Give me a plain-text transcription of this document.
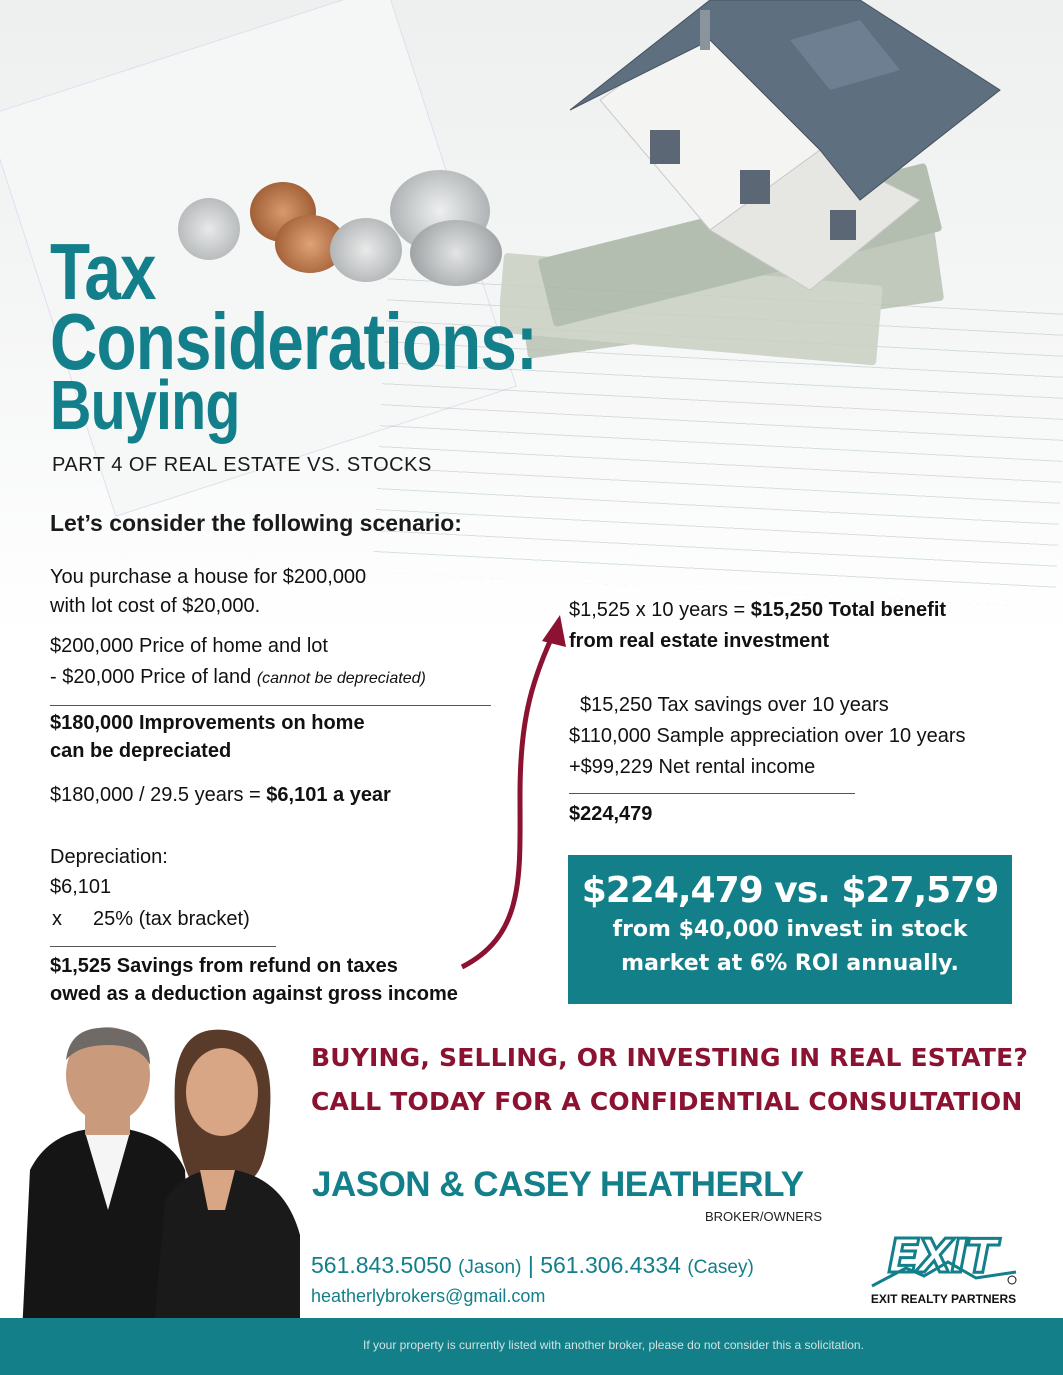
Tax
Considerations:
Buying
PART 4 OF REAL ESTATE VS. STOCKS
Let’s consider the following scenario:
You purchase a house for $200,000
with lot cost of $20,000.
$200,000 Price of home and lot
- $20,000 Price of land (cannot be depreciated)
$180,000 Improvements on home
can be depreciated
$180,000 / 29.5 years = $6,101 a year
Depreciation:
$6,101
x 25% (tax bracket)
$1,525 Savings from refund on taxes
owed as a deduction against gross income
$1,525 x 10 years = $15,250 Total benefit
from real estate investment
$15,250 Tax savings over 10 years
$110,000 Sample appreciation over 10 years
+$99,229 Net rental income
$224,479
$224,479 vs. $27,579
from $40,000 invest in stock
market at 6% ROI annually.
BUYING, SELLING, OR INVESTING IN REAL ESTATE?
CALL TODAY FOR A CONFIDENTIAL CONSULTATION
JASON & CASEY HEATHERLY
BROKER/OWNERS
561.843.5050 (Jason) | 561.306.4334 (Casey)
heatherlybrokers@gmail.com
EXIT
EXIT REALTY PARTNERS
If your property is currently listed with another broker, please do not consider this a solicitation.
